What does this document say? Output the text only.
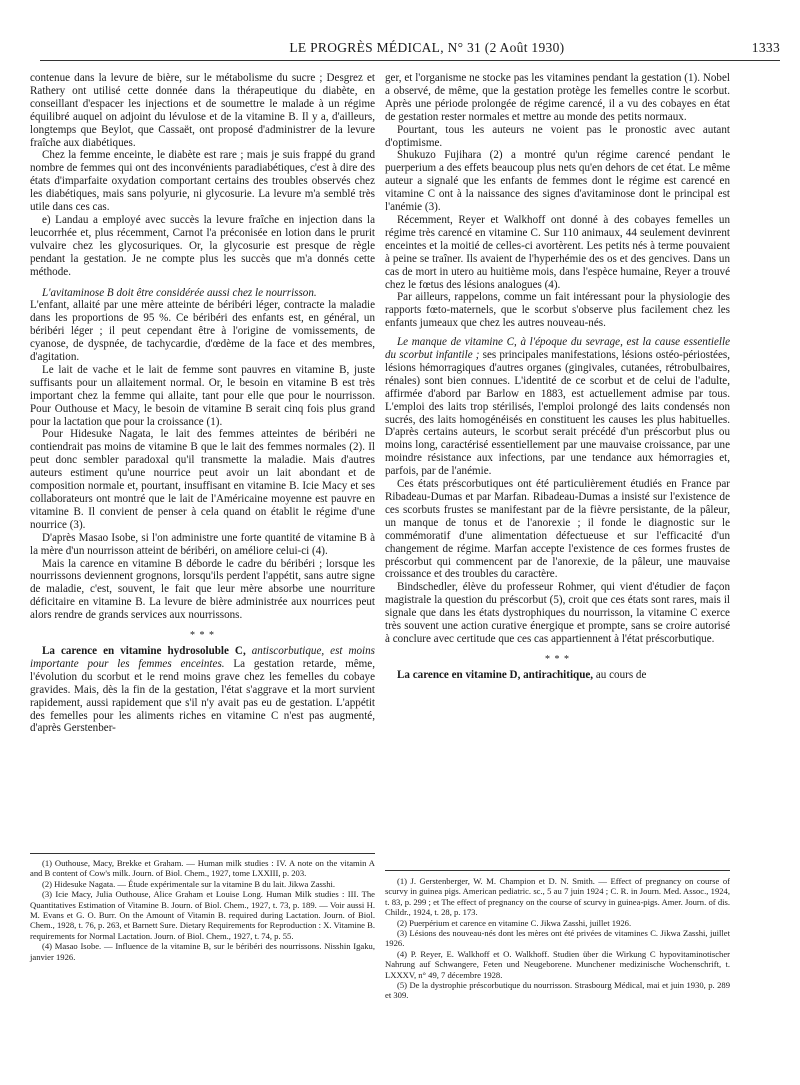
LE PROGRÈS MÉDICAL, N° 31 (2 Août 1930)	1333

contenue dans la levure de bière, sur le métabolisme du sucre ; Desgrez et Rathery ont utilisé cette donnée dans la thérapeutique du diabète, en conseillant d'espacer les injections et de soumettre le malade à un régime équilibré auquel on adjoint du lévulose et de la vitamine B. Il y a, d'ailleurs, longtemps que Beylot, que Cassaët, ont proposé d'administrer de la levure fraîche aux diabétiques.

Chez la femme enceinte, le diabète est rare ; mais je suis frappé du grand nombre de femmes qui ont des inconvénients paradiabétiques, c'est à dire des états d'imparfaite oxydation comportant certains des troubles observés chez les diabétiques, mais sans polyurie, ni glycosurie. La levure m'a semblé très utile dans ces cas.

e) Landau a employé avec succès la levure fraîche en injection dans la leucorrhée et, plus récemment, Carnot l'a préconisée en lotion dans le prurit vulvaire chez les glycosuriques. Or, la glycosurie est presque de règle pendant la gestation. Je ne compte plus les succès que m'a donnés cette méthode.

L'avitaminose B doit être considérée aussi chez le nourrisson.

L'enfant, allaité par une mère atteinte de béribéri léger, contracte la maladie dans les proportions de 95 %. Ce béribéri des enfants est, en général, un béribéri léger ; il peut cependant être à l'origine de vomissements, de cyanose, de dyspnée, de tachycardie, d'œdème de la face et des membres, d'agitation.

Le lait de vache et le lait de femme sont pauvres en vitamine B, juste suffisants pour un allaitement normal. Or, le besoin en vitamine B est très important chez la femme qui allaite, tant pour elle que pour le nourrisson. Pour Outhouse et Macy, le besoin de vitamine B serait cinq fois plus grand pour la lactation que pour la croissance (1).

Pour Hidesuke Nagata, le lait des femmes atteintes de béribéri ne contiendrait pas moins de vitamine B que le lait des femmes normales (2). Il peut donc sembler paradoxal qu'il transmette la maladie. Mais d'autres auteurs estiment qu'une nourrice peut avoir un lait abondant et de composition normale et, pourtant, insuffisant en vitamine B. Icie Macy et ses collaborateurs ont montré que le lait de l'Américaine moyenne est pauvre en vitamine B. Il convient de penser à cela quand on établit le régime d'une nourrice (3).

D'après Masao Isobe, si l'on administre une forte quantité de vitamine B à la mère d'un nourrisson atteint de béribéri, on améliore celui-ci (4).

Mais la carence en vitamine B déborde le cadre du béribéri ; lorsque les nourrissons deviennent grognons, lorsqu'ils perdent l'appétit, sans autre signe de maladie, c'est, souvent, le fait que leur mère absorbe une nourriture déficitaire en vitamine B. La levure de bière administrée aux nourrices peut alors rendre de grands services aux nourrissons.

* * *

La carence en vitamine hydrosoluble C, antiscorbutique, est moins importante pour les femmes enceintes. La gestation retarde, même, l'évolution du scorbut et le rend moins grave chez les femelles du cobaye gravides. Mais, dès la fin de la gestation, l'état s'aggrave et la mort survient rapidement, aussi rapidement que s'il n'y avait pas eu de gestation. L'appétit des femelles pour les aliments riches en vitamine C n'est pas augmenté, d'après Gerstenber-

(1) Outhouse, Macy, Brekke et Graham. — Human milk studies : IV. A note on the vitamin A and B content of Cow's milk. Journ. of Biol. Chem., 1927, tome LXXIII, p. 203.

(2) Hidesuke Nagata. — Étude expérimentale sur la vitamine B du lait. Jikwa Zasshi.

(3) Icie Macy, Julia Outhouse, Alice Graham et Louise Long. Human Milk studies : III. The Quantitatives Estimation of Vitamine B. Journ. of Biol. Chem., 1927, t. 73, p. 189. — Voir aussi H. M. Evans et G. O. Burr. On the Amount of Vitamin B. required during Lactation. Journ. of Biol. Chem., 1928, t. 76, p. 263, et Barnett Sure. Dietary Requirements for Reproduction : X. Vitamine B. requirements for Normal Lactation. Journ. of Biol. Chem., 1927, t. 74, p. 55.

(4) Masao Isobe. — Influence de la vitamine B, sur le béribéri des nourrissons. Nisshin Igaku, janvier 1926.

ger, et l'organisme ne stocke pas les vitamines pendant la gestation (1). Nobel a observé, de même, que la gestation protège les femelles contre le scorbut. Après une période prolongée de régime carencé, il a vu des cobayes en état de gestation rester normales et mettre au monde des petits normaux.

Pourtant, tous les auteurs ne voient pas le pronostic avec autant d'optimisme.

Shukuzo Fujihara (2) a montré qu'un régime carencé pendant le puerperium a des effets beaucoup plus nets qu'en dehors de cet état. Le même auteur a signalé que les enfants de femmes dont le régime est carencé en vitamine C ont à la naissance des signes d'avitaminose dont le principal est l'anémie (3).

Récemment, Reyer et Walkhoff ont donné à des cobayes femelles un régime très carencé en vitamine C. Sur 110 animaux, 44 seulement devinrent enceintes et la moitié de celles-ci avortèrent. Les petits nés à terme pouvaient à peine se traîner. Ils avaient de l'hyperhémie des os et des gencives. Dans un cas de mort in utero au huitième mois, dans l'espèce humaine, Reyer a trouvé chez le fœtus des lésions analogues (4).

Par ailleurs, rappelons, comme un fait intéressant pour la physiologie des rapports fœto-maternels, que le scorbut s'observe plus facilement chez les enfants jumeaux que chez les autres nouveau-nés.

Le manque de vitamine C, à l'époque du sevrage, est la cause essentielle du scorbut infantile ; ses principales manifestations, lésions ostéo-périostées, lésions hémorragiques d'autres organes (gingivales, cutanées, rétrobulbaires, rénales) sont bien connues. L'identité de ce scorbut et de celui de l'adulte, affirmée d'abord par Barlow en 1883, est actuellement admise par tous. L'emploi des laits trop stérilisés, l'emploi prolongé des laits condensés non sucrés, des laits homogénéisés en constituent les causes les plus habituelles. D'après certains auteurs, le scorbut serait précédé d'un préscorbut plus ou moins long, caractérisé essentiellement par une mauvaise croissance, par une moindre résistance aux infections, par une tendance aux hémorragies et, parfois, par de l'anémie.

Ces états préscorbutiques ont été particulièrement étudiés en France par Ribadeau-Dumas et par Marfan. Ribadeau-Dumas a insisté sur l'existence de ces scorbuts frustes se manifestant par de la fièvre persistante, de la pâleur, un manque de tonus et de l'anorexie ; il fonde le diagnostic sur le commémoratif d'une alimentation défectueuse et sur l'efficacité d'un changement de régime. Marfan accepte l'existence de ces formes frustes de préscorbut qui commencent par de l'anorexie, de la pâleur, une mauvaise croissance et des troubles du caractère.

Bindschedler, élève du professeur Rohmer, qui vient d'étudier de façon magistrale la question du préscorbut (5), croit que ces états sont rares, mais il signale que dans les états dystrophiques du nourrisson, la vitamine C exerce très souvent une action curative énergique et prompte, sans se croire autorisé à conclure avec certitude que ces cas appartiennent à l'état préscorbutique.

* * *

La carence en vitamine D, antirachitique, au cours de

(1) J. Gerstenberger, W. M. Champion et D. N. Smith. — Effect of pregnancy on course of scurvy in guinea pigs. American pediatric. sc., 5 au 7 juin 1924 ; C. R. in Journ. Med. Assoc., 1924, t. 83, p. 299 ; et The effect of pregnancy on the course of scurvy in guinea-pigs. Amer. Journ. of dis. Childr., 1924, t. 28, p. 173.

(2) Puerpérium et carence en vitamine C. Jikwa Zasshi, juillet 1926.

(3) Lésions des nouveau-nés dont les mères ont été privées de vitamines C. Jikwa Zasshi, juillet 1926.

(4) P. Reyer, E. Walkhoff et O. Walkhoff. Studien über die Wirkung C hypovitaminotischer Nahrung auf Schwangere, Feten und Neugeborene. Munchener medizinische Wochenschrift, t. LXXXV, n° 49, 7 décembre 1928.

(5) De la dystrophie préscorbutique du nourrisson. Strasbourg Médical, mai et juin 1930, p. 289 et 309.
